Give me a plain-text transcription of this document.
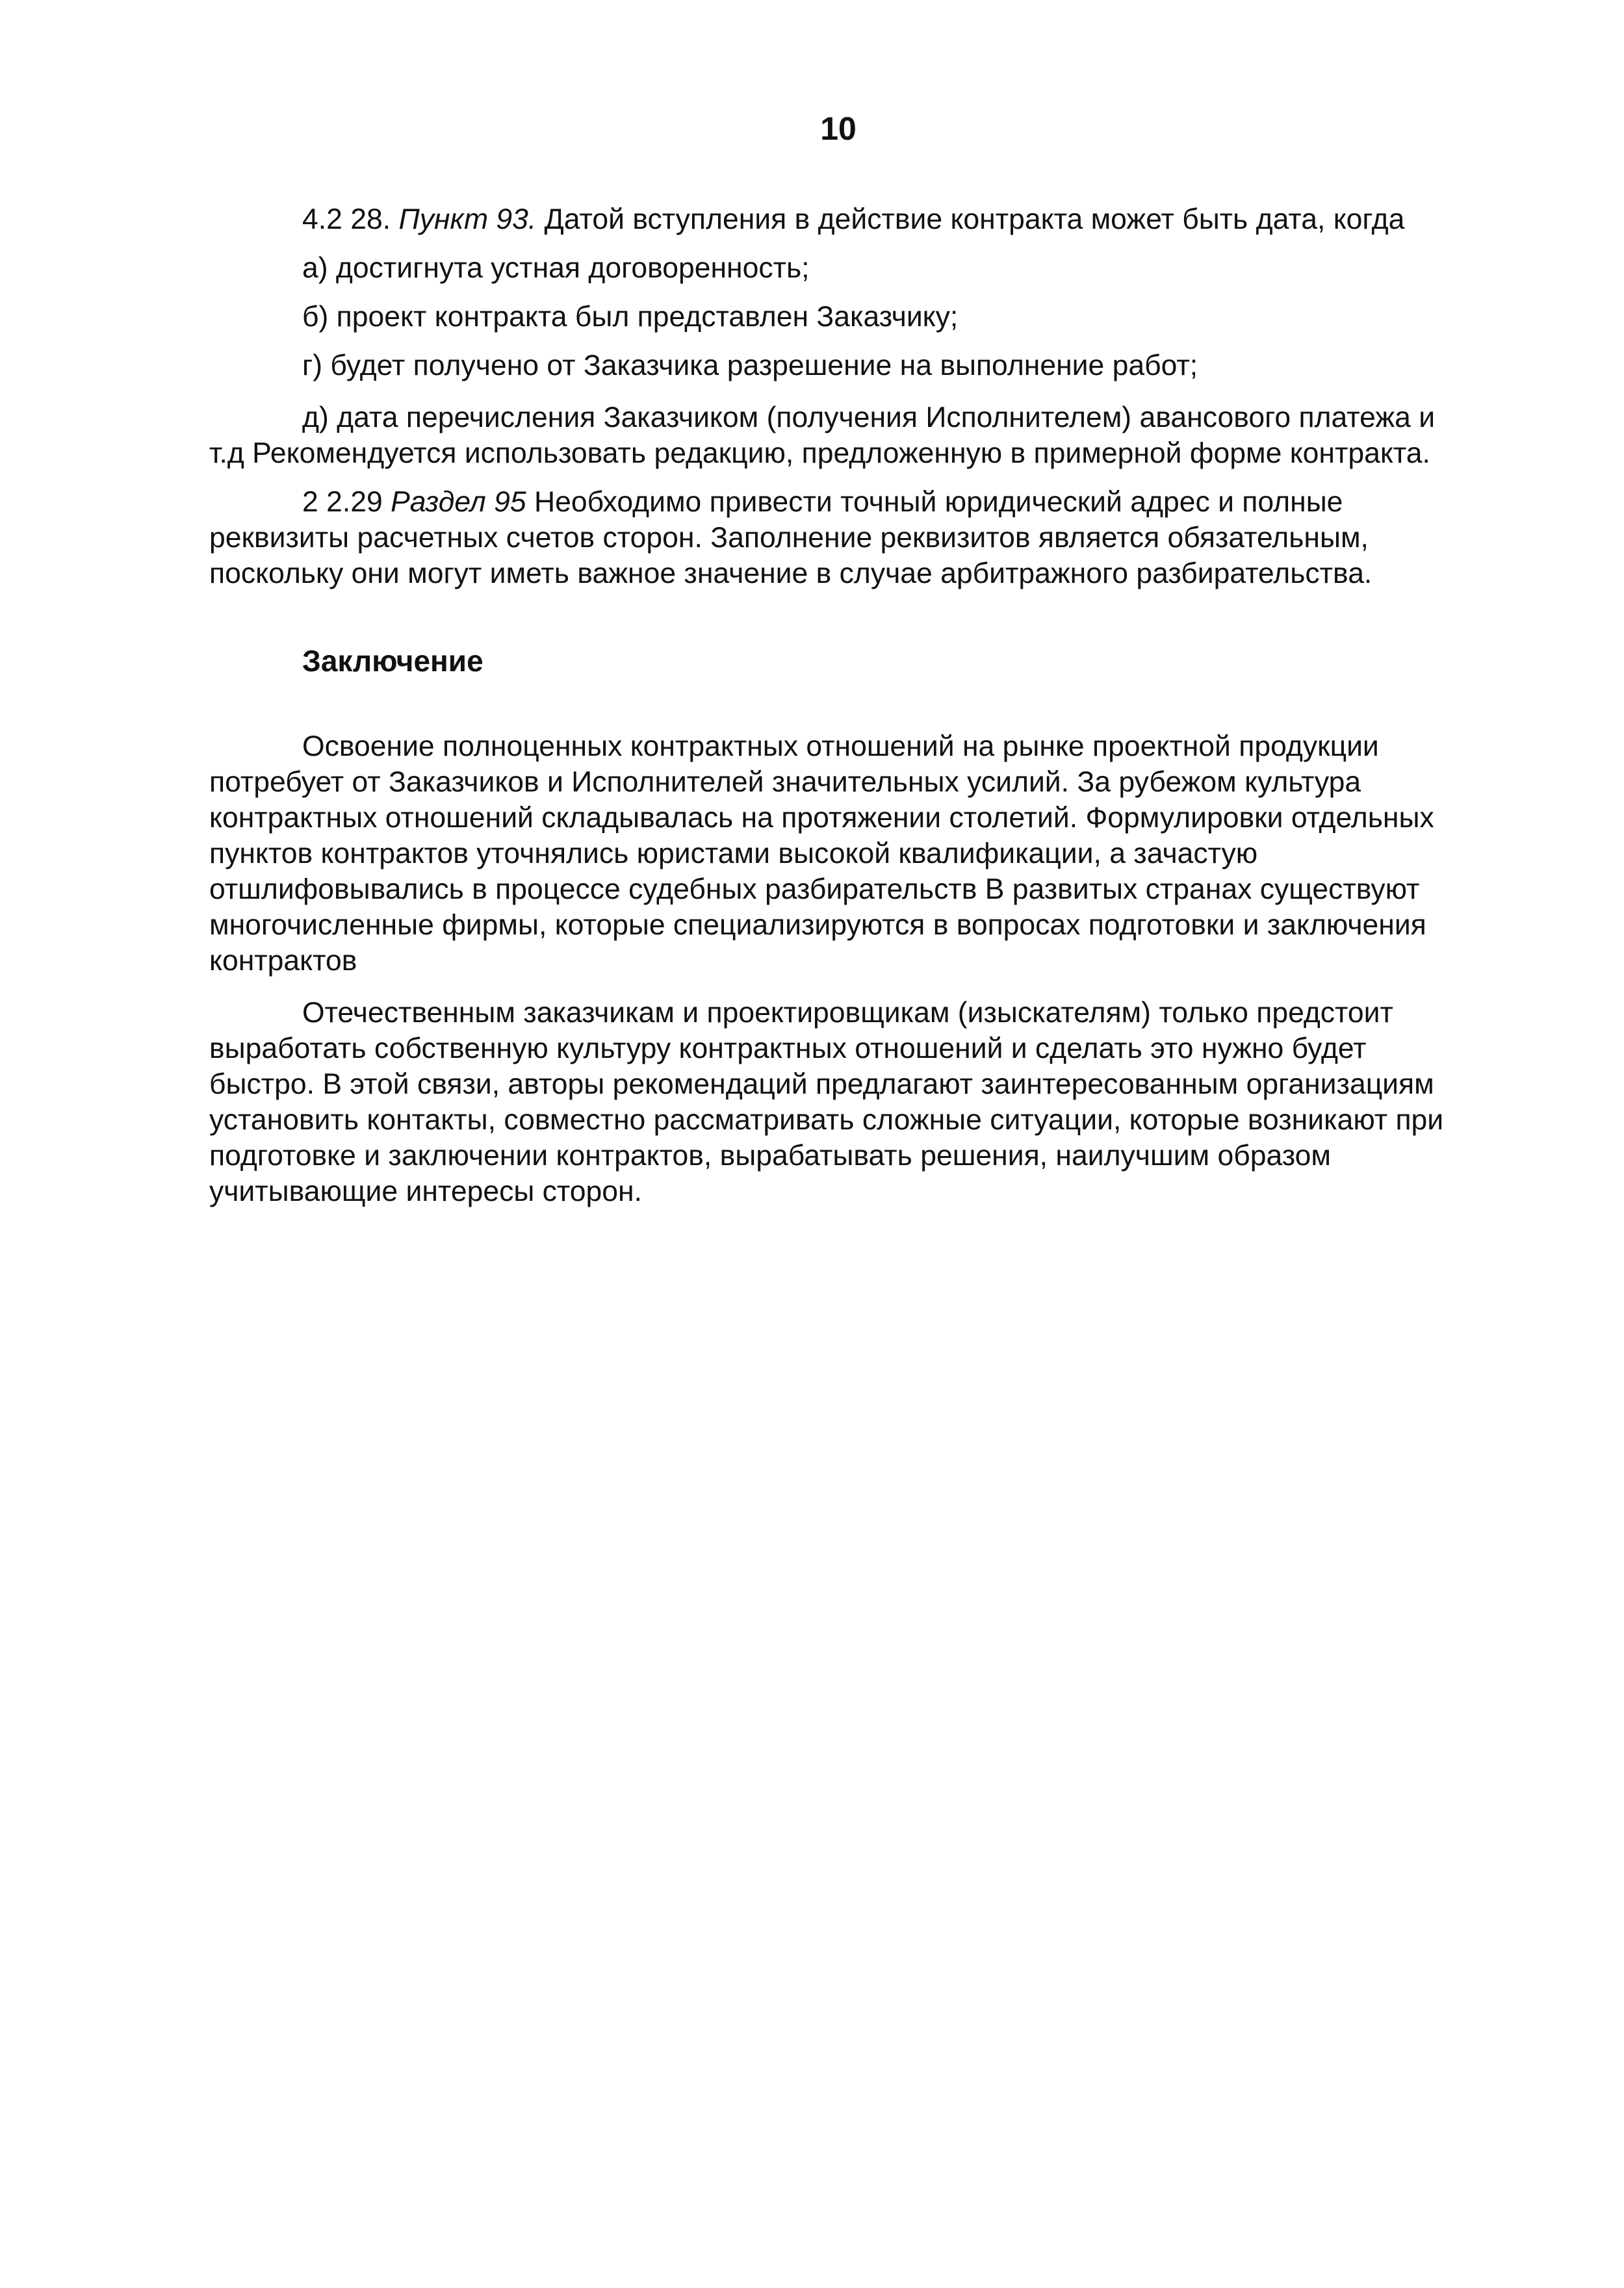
10

4.2 28. Пункт 93. Датой вступления в действие контракта может быть дата, когда

а) достигнута устная договоренность;

б) проект контракта был представлен Заказчику;

г) будет получено от Заказчика разрешение на выполнение работ;

д) дата перечисления Заказчиком (получения Исполнителем) авансового платежа и т.д Рекомендуется использовать редакцию, предложенную в примерной форме контракта.

2 2.29 Раздел 95 Необходимо привести точный юридический адрес и полные реквизиты расчетных счетов сторон. Заполнение реквизитов является обязательным, поскольку они могут иметь важное значение в случае арбитражного разбирательства.

Заключение

Освоение полноценных контрактных отношений на рынке проектной продукции потребует от Заказчиков и Исполнителей значительных усилий. За рубежом культура контрактных отношений складывалась на протяжении столетий. Формулировки отдельных пунктов контрактов уточнялись юристами высокой квалификации, а зачастую отшлифовывались в процессе судебных разбирательств В развитых странах существуют многочисленные фирмы, которые специализируются в вопросах подготовки и заключения контрактов

Отечественным заказчикам и проектировщикам (изыскателям) только предстоит выработать собственную культуру контрактных отношений и сделать это нужно будет быстро. В этой связи, авторы рекомендаций предлагают заинтересованным организациям установить контакты, совместно рассматривать сложные ситуации, которые возникают при подготовке и заключении контрактов, вырабатывать решения, наилучшим образом учитывающие интересы сторон.
